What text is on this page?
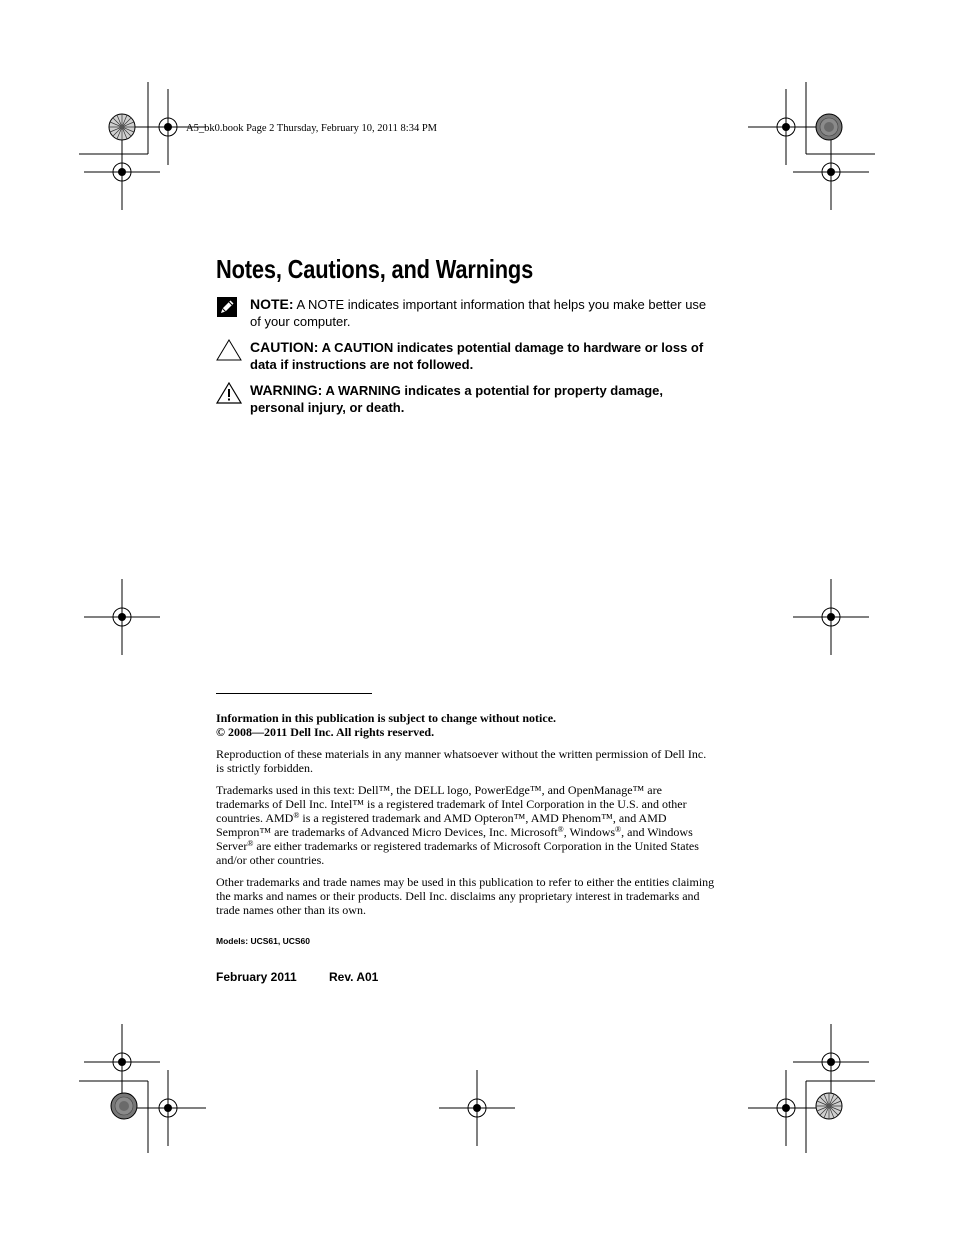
A5_bk0.book Page 2 Thursday, February 10, 2011 8:34 PM
Notes, Cautions, and Warnings
NOTE: A NOTE indicates important information that helps you make better use of your computer.
CAUTION: A CAUTION indicates potential damage to hardware or loss of data if instructions are not followed.
WARNING: A WARNING indicates a potential for property damage, personal injury, or death.

Information in this publication is subject to change without notice.
© 2008—2011 Dell Inc. All rights reserved.

Reproduction of these materials in any manner whatsoever without the written permission of Dell Inc. is strictly forbidden.

Trademarks used in this text: Dell™, the DELL logo, PowerEdge™, and OpenManage™ are trademarks of Dell Inc. Intel™ is a registered trademark of Intel Corporation in the U.S. and other countries. AMD® is a registered trademark and AMD Opteron™, AMD Phenom™, and AMD Sempron™ are trademarks of Advanced Micro Devices, Inc. Microsoft®, Windows®, and Windows Server® are either trademarks or registered trademarks of Microsoft Corporation in the United States and/or other countries.

Other trademarks and trade names may be used in this publication to refer to either the entities claiming the marks and names or their products. Dell Inc. disclaims any proprietary interest in trademarks and trade names other than its own.

Models: UCS61, UCS60
February 2011	Rev. A01
